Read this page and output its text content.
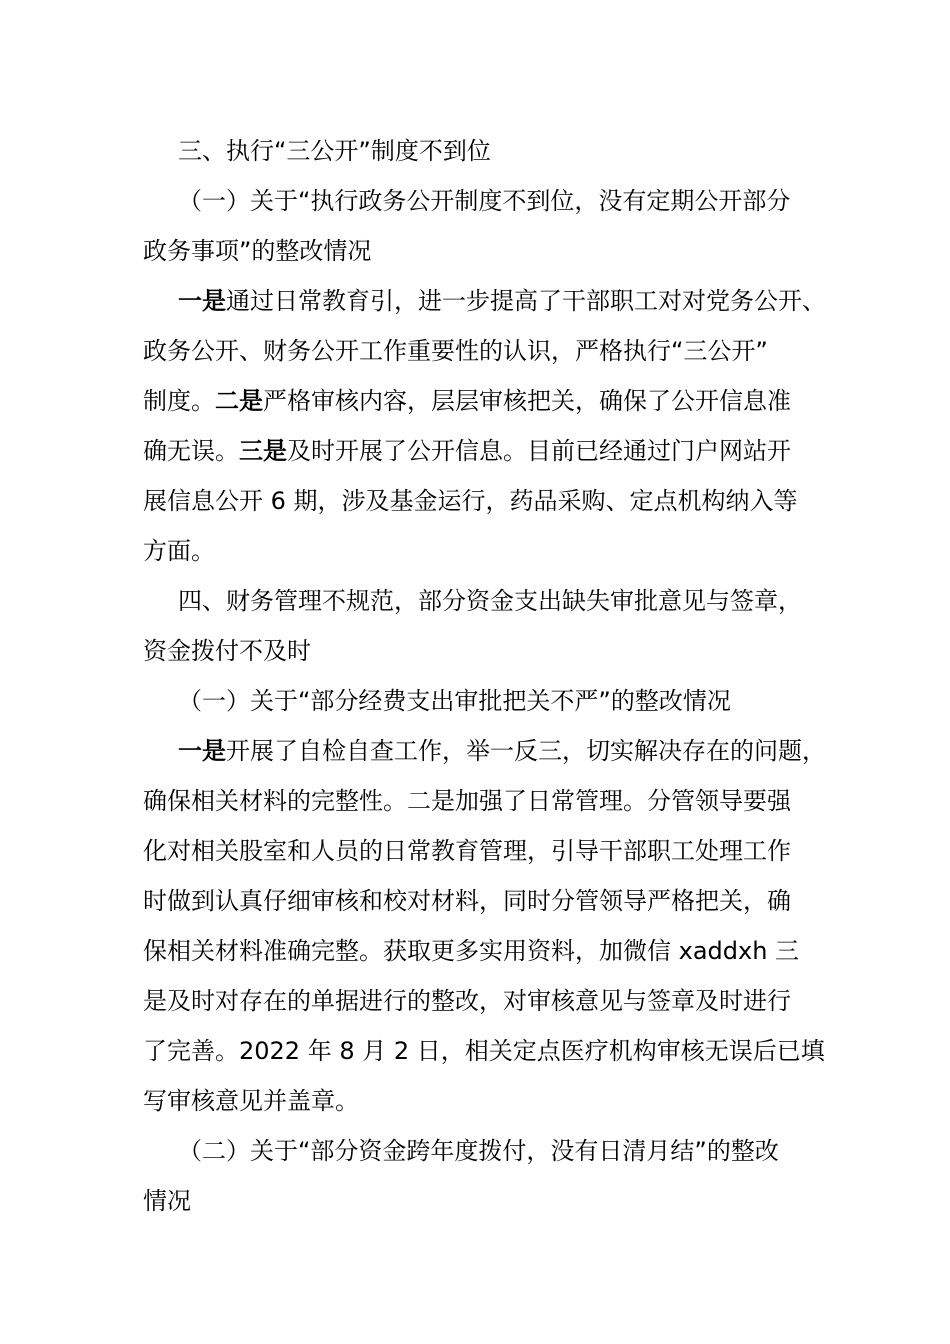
三、执行“三公开”制度不到位
（一）关于“执行政务公开制度不到位，没有定期公开部分
政务事项”的整改情况
一是通过日常教育引，进一步提高了干部职工对对党务公开、
政务公开、财务公开工作重要性的认识，严格执行“三公开”
制度。二是严格审核内容，层层审核把关，确保了公开信息准
确无误。三是及时开展了公开信息。目前已经通过门户网站开
展信息公开 6 期，涉及基金运行，药品采购、定点机构纳入等
方面。
四、财务管理不规范，部分资金支出缺失审批意见与签章，
资金拨付不及时
（一）关于“部分经费支出审批把关不严”的整改情况
一是开展了自检自查工作，举一反三，切实解决存在的问题，
确保相关材料的完整性。二是加强了日常管理。分管领导要强
化对相关股室和人员的日常教育管理，引导干部职工处理工作
时做到认真仔细审核和校对材料，同时分管领导严格把关，确
保相关材料准确完整。获取更多实用资料，加微信 xaddxh 三
是及时对存在的单据进行的整改，对审核意见与签章及时进行
了完善。2022 年 8 月 2 日，相关定点医疗机构审核无误后已填
写审核意见并盖章。
（二）关于“部分资金跨年度拨付，没有日清月结”的整改
情况
